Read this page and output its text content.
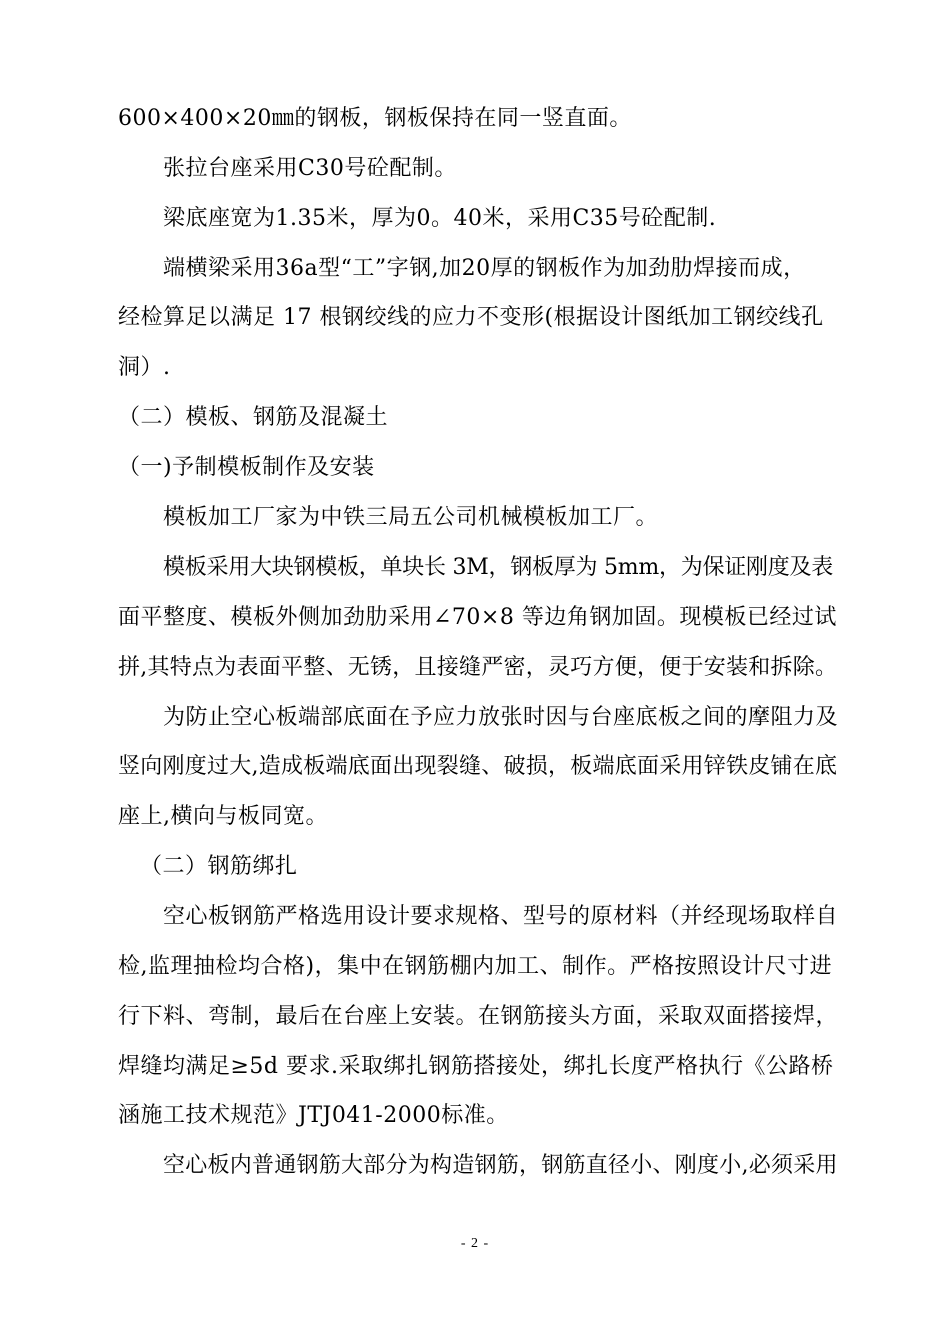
600×400×20㎜的钢板，钢板保持在同一竖直面。
张拉台座采用C30号砼配制。
梁底座宽为1.35米，厚为0。40米，采用C35号砼配制.
端横梁采用36a型“工”字钢,加20厚的钢板作为加劲肋焊接而成，
经检算足以满足 17 根钢绞线的应力不变形(根据设计图纸加工钢绞线孔
洞）.
（二）模板、钢筋及混凝土
（一)予制模板制作及安装
模板加工厂家为中铁三局五公司机械模板加工厂。
模板采用大块钢模板，单块长 3M，钢板厚为 5mm，为保证刚度及表
面平整度、模板外侧加劲肋采用∠70×8 等边角钢加固。现模板已经过试
拼,其特点为表面平整、无锈，且接缝严密，灵巧方便，便于安装和拆除。
为防止空心板端部底面在予应力放张时因与台座底板之间的摩阻力及
竖向刚度过大,造成板端底面出现裂缝、破损，板端底面采用锌铁皮铺在底
座上,横向与板同宽。
（二）钢筋绑扎
空心板钢筋严格选用设计要求规格、型号的原材料（并经现场取样自
检,监理抽检均合格)，集中在钢筋棚内加工、制作。严格按照设计尺寸进
行下料、弯制，最后在台座上安装。在钢筋接头方面，采取双面搭接焊，
焊缝均满足≥5d 要求.采取绑扎钢筋搭接处，绑扎长度严格执行《公路桥
涵施工技术规范》JTJ041-2000标准。
空心板内普通钢筋大部分为构造钢筋，钢筋直径小、刚度小,必须采用
- 2 -
